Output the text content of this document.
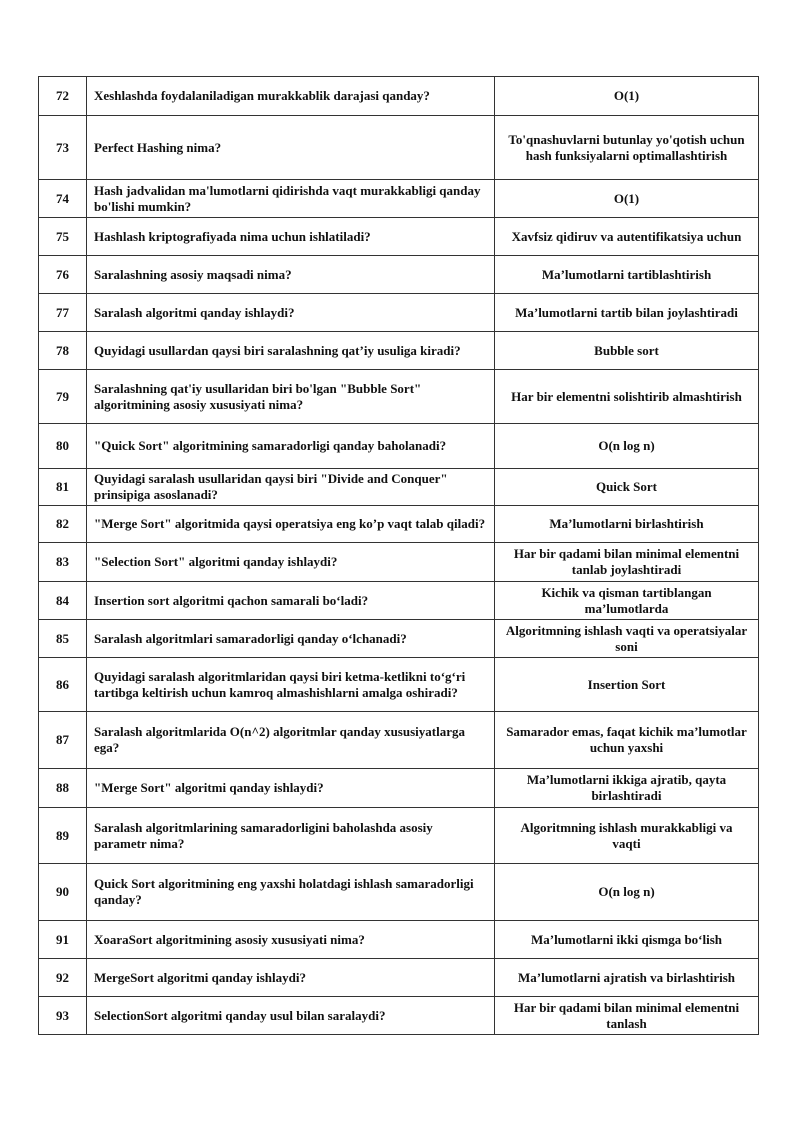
72	Xeshlashda foydalaniladigan murakkablik darajasi qanday?	O(1)
73	Perfect Hashing nima?	To'qnashuvlarni butunlay yo'qotish uchun hash funksiyalarni optimallashtirish
74	Hash jadvalidan ma'lumotlarni qidirishda vaqt murakkabligi qanday bo'lishi mumkin?	O(1)
75	Hashlash kriptografiyada nima uchun ishlatiladi?	Xavfsiz qidiruv va autentifikatsiya uchun
76	Saralashning asosiy maqsadi nima?	Ma’lumotlarni tartiblashtirish
77	Saralash algoritmi qanday ishlaydi?	Ma’lumotlarni tartib bilan joylashtiradi
78	Quyidagi usullardan qaysi biri saralashning qat’iy usuliga kiradi?	Bubble sort
79	Saralashning qat'iy usullaridan biri bo'lgan "Bubble Sort" algoritmining asosiy xususiyati nima?	Har bir elementni solishtirib almashtirish
80	"Quick Sort" algoritmining samaradorligi qanday baholanadi?	O(n log n)
81	Quyidagi saralash usullaridan qaysi biri "Divide and Conquer" prinsipiga asoslanadi?	Quick Sort
82	"Merge Sort" algoritmida qaysi operatsiya eng ko’p vaqt talab qiladi?	Ma’lumotlarni birlashtirish
83	"Selection Sort" algoritmi qanday ishlaydi?	Har bir qadami bilan minimal elementni tanlab joylashtiradi
84	Insertion sort algoritmi qachon samarali bo‘ladi?	Kichik va qisman tartiblangan ma’lumotlarda
85	Saralash algoritmlari samaradorligi qanday o‘lchanadi?	Algoritmning ishlash vaqti va operatsiyalar soni
86	Quyidagi saralash algoritmlaridan qaysi biri ketma-ketlikni to‘g‘ri tartibga keltirish uchun kamroq almashishlarni amalga oshiradi?	Insertion Sort
87	Saralash algoritmlarida O(n^2) algoritmlar qanday xususiyatlarga ega?	Samarador emas, faqat kichik ma’lumotlar uchun yaxshi
88	"Merge Sort" algoritmi qanday ishlaydi?	Ma’lumotlarni ikkiga ajratib, qayta birlashtiradi
89	Saralash algoritmlarining samaradorligini baholashda asosiy parametr nima?	Algoritmning ishlash murakkabligi va vaqti
90	Quick Sort algoritmining eng yaxshi holatdagi ishlash samaradorligi qanday?	O(n log n)
91	XoaraSort algoritmining asosiy xususiyati nima?	Ma’lumotlarni ikki qismga bo‘lish
92	MergeSort algoritmi qanday ishlaydi?	Ma’lumotlarni ajratish va birlashtirish
93	SelectionSort algoritmi qanday usul bilan saralaydi?	Har bir qadami bilan minimal elementni tanlash
